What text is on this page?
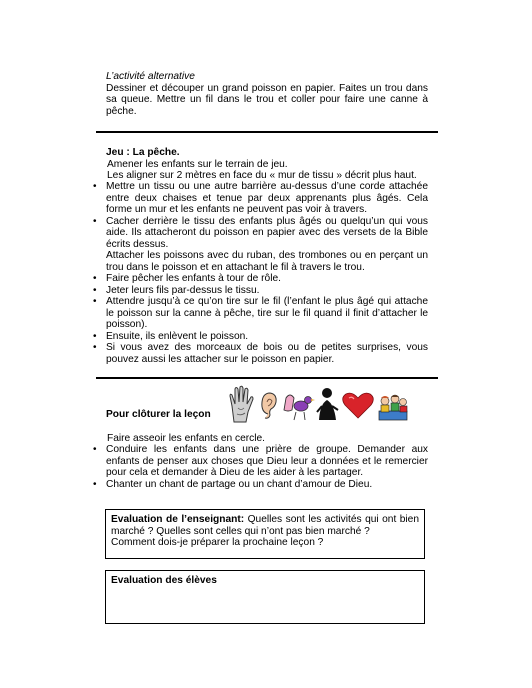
L’activité alternative
Dessiner et découper un grand poisson en papier. Faites un trou dans sa queue. Mettre un fil dans le trou et coller pour faire une canne à pêche.
Jeu : La pêche.
Amener les enfants sur le terrain de jeu.
Les aligner sur 2 mètres en face du « mur de tissu » décrit plus haut.
• Mettre un tissu ou une autre barrière au-dessus d’une corde attachée entre deux chaises et tenue par deux apprenants plus âgés. Cela forme un mur et les enfants ne peuvent pas voir à travers.
• Cacher derrière le tissu des enfants plus âgés ou quelqu’un qui vous aide. Ils attacheront du poisson en papier avec des versets de la Bible écrits dessus.
Attacher les poissons avec du ruban, des trombones ou en perçant un trou dans le poisson et en attachant le fil à travers le trou.
• Faire pêcher les enfants à tour de rôle.
• Jeter leurs fils par-dessus le tissu.
• Attendre jusqu’à ce qu’on tire sur le fil (l’enfant le plus âgé qui attache le poisson sur la canne à pêche, tire sur le fil quand il finit d’attacher le poisson).
• Ensuite, ils enlèvent le poisson.
• Si vous avez des morceaux de bois ou de petites surprises, vous pouvez aussi les attacher sur le poisson en papier.
Pour clôturer la leçon
Faire asseoir les enfants en cercle.
• Conduire les enfants dans une prière de groupe. Demander aux enfants de penser aux choses que Dieu leur a données et le remercier pour cela et demander à Dieu de les aider à les partager.
• Chanter un chant de partage ou un chant d’amour de Dieu.
Evaluation de l’enseignant: Quelles sont les activités qui ont bien marché ? Quelles sont celles qui n’ont pas bien marché ?
Comment dois-je préparer la prochaine leçon ?
Evaluation des élèves
